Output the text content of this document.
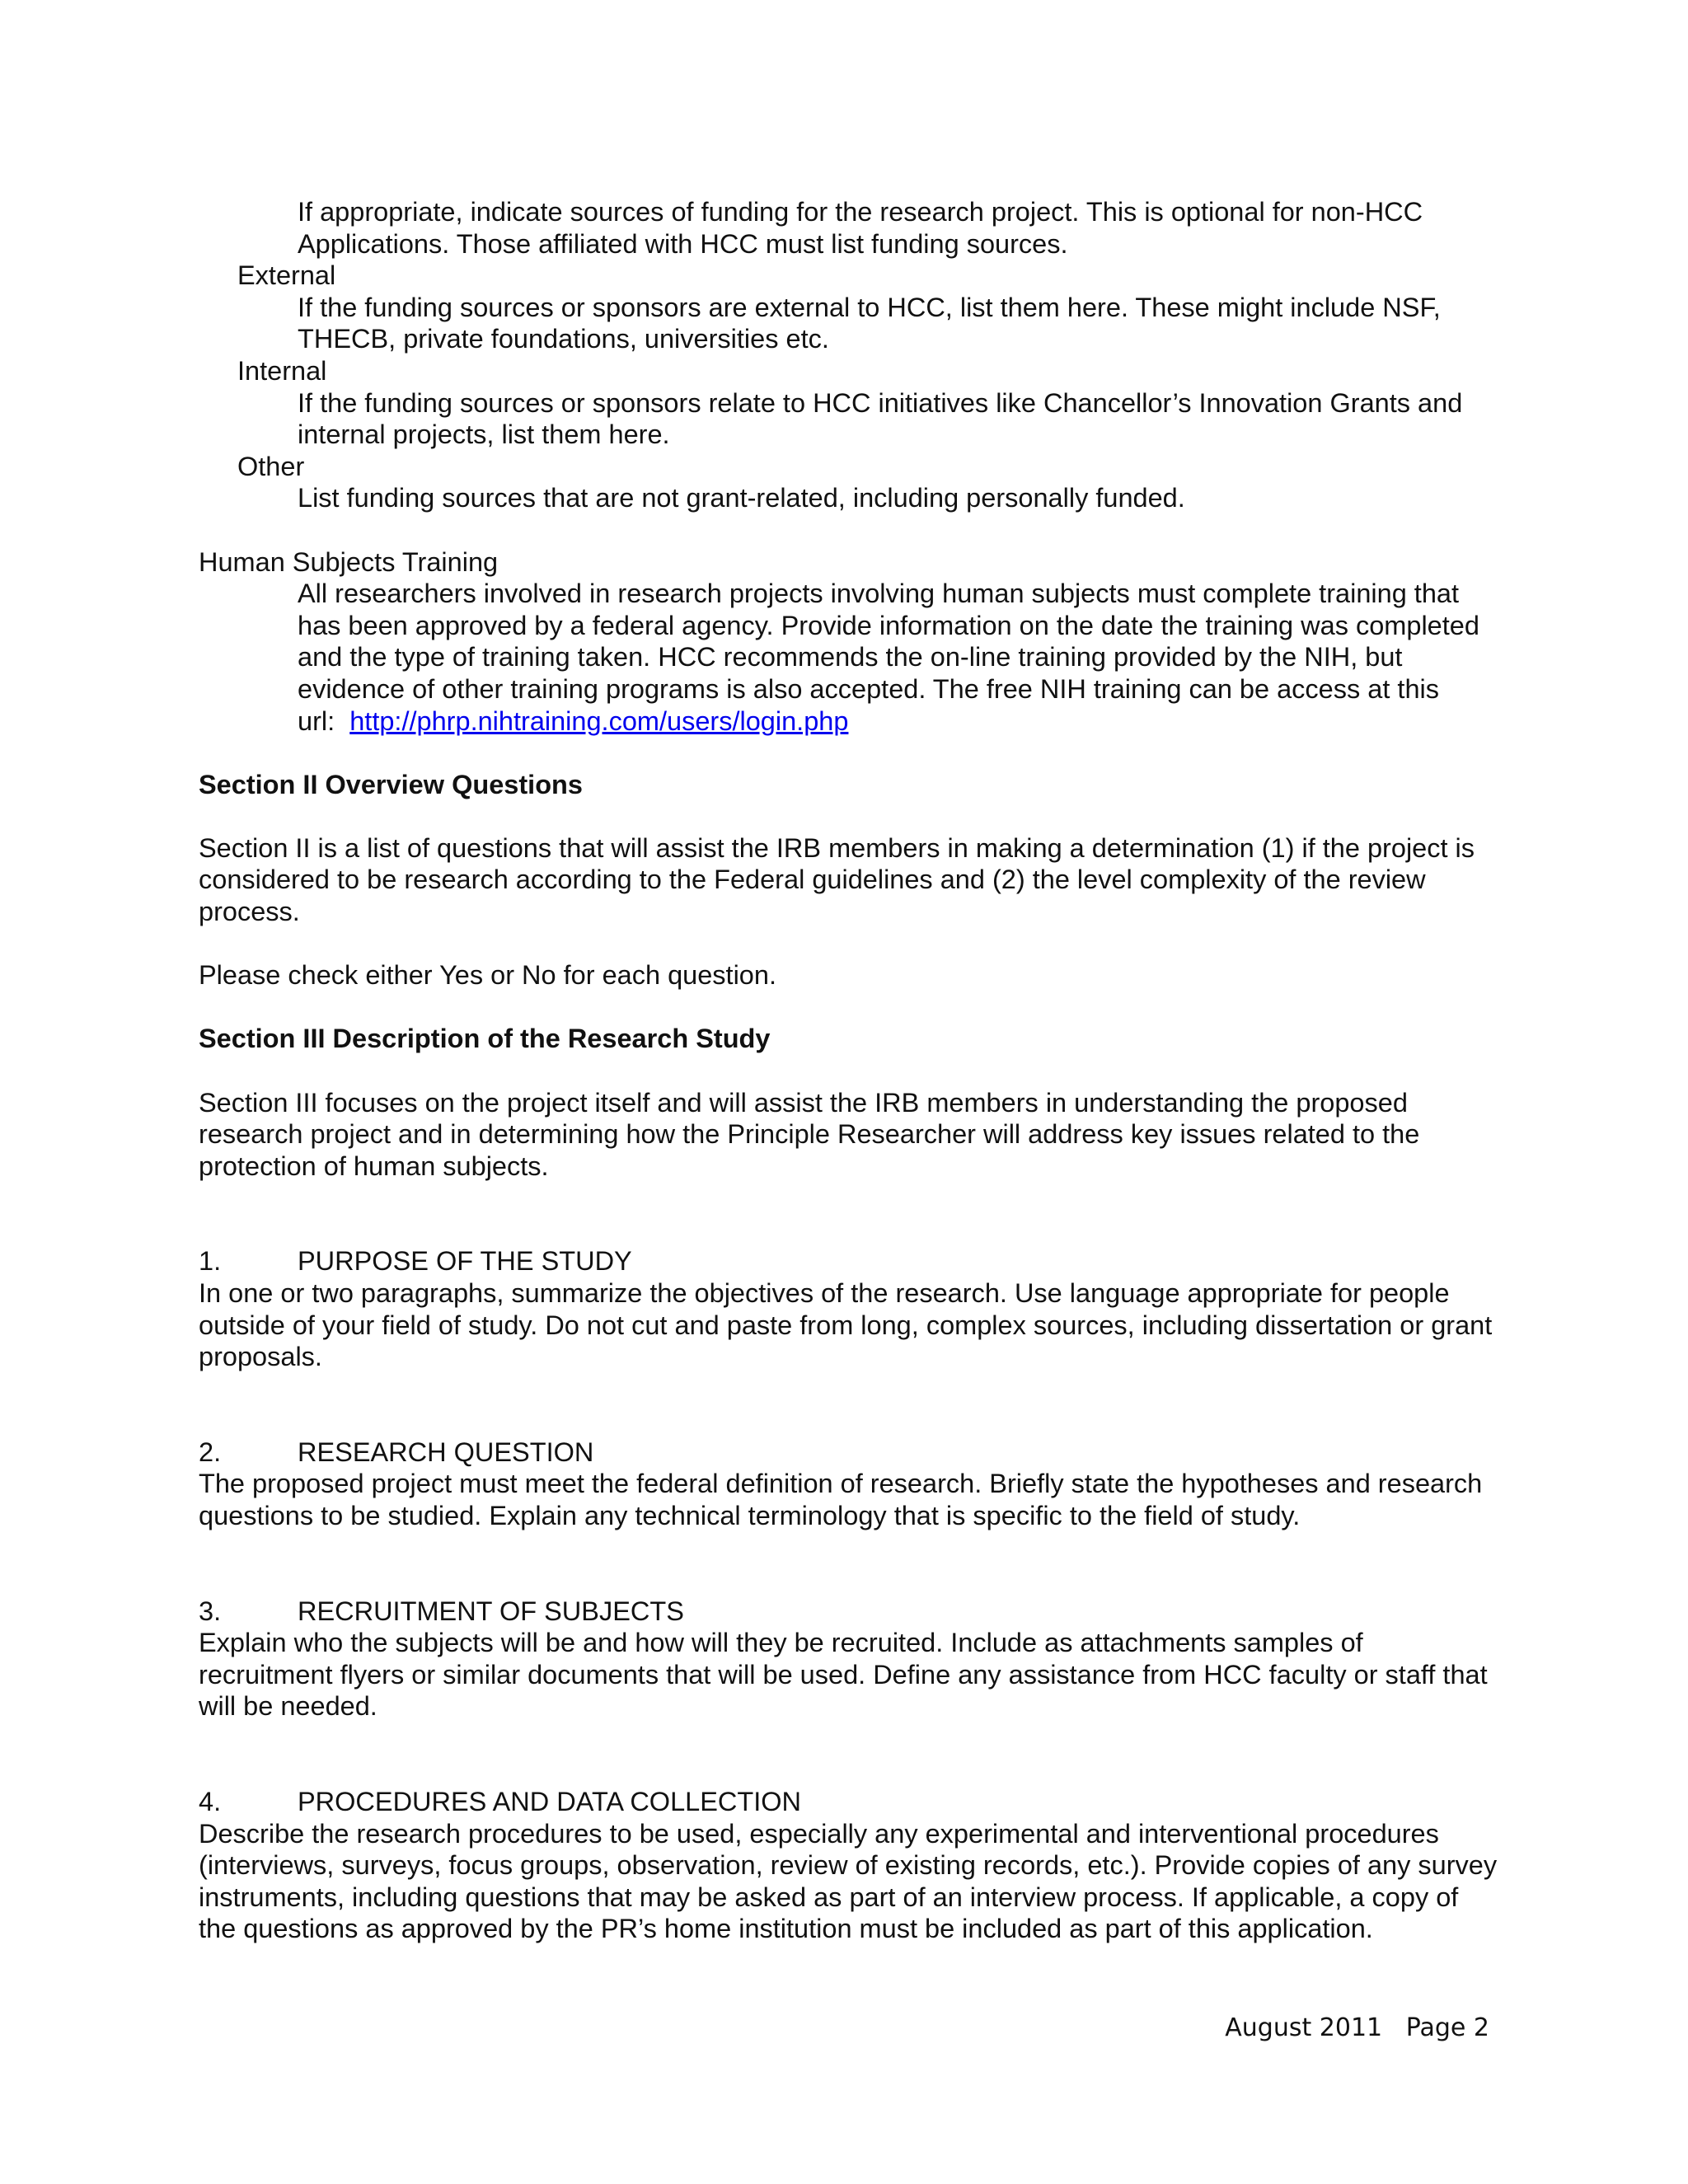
If appropriate, indicate sources of funding for the research project. This is optional for non-HCC Applications. Those affiliated with HCC must list funding sources.

External

If the funding sources or sponsors are external to HCC, list them here. These might include NSF, THECB, private foundations, universities etc.

Internal

If the funding sources or sponsors relate to HCC initiatives like Chancellor’s Innovation Grants and internal projects, list them here.

Other

List funding sources that are not grant-related, including personally funded.

Human Subjects Training

All researchers involved in research projects involving human subjects must complete training that has been approved by a federal agency. Provide information on the date the training was completed and the type of training taken. HCC recommends the on-line training provided by the NIH, but evidence of other training programs is also accepted. The free NIH training can be access at this url: http://phrp.nihtraining.com/users/login.php

Section II Overview Questions

Section II is a list of questions that will assist the IRB members in making a determination (1) if the project is considered to be research according to the Federal guidelines and (2) the level complexity of the review process.

Please check either Yes or No for each question.

Section III Description of the Research Study

Section III focuses on the project itself and will assist the IRB members in understanding the proposed research project and in determining how the Principle Researcher will address key issues related to the protection of human subjects.

1.	PURPOSE OF THE STUDY

In one or two paragraphs, summarize the objectives of the research. Use language appropriate for people outside of your field of study. Do not cut and paste from long, complex sources, including dissertation or grant proposals.

2.	RESEARCH QUESTION

The proposed project must meet the federal definition of research. Briefly state the hypotheses and research questions to be studied. Explain any technical terminology that is specific to the field of study.

3.	RECRUITMENT OF SUBJECTS

Explain who the subjects will be and how will they be recruited. Include as attachments samples of recruitment flyers or similar documents that will be used. Define any assistance from HCC faculty or staff that will be needed.

4.	PROCEDURES AND DATA COLLECTION

Describe the research procedures to be used, especially any experimental and interventional procedures (interviews, surveys, focus groups, observation, review of existing records, etc.). Provide copies of any survey instruments, including questions that may be asked as part of an interview process. If applicable, a copy of the questions as approved by the PR’s home institution must be included as part of this application.

August 2011 Page 2
